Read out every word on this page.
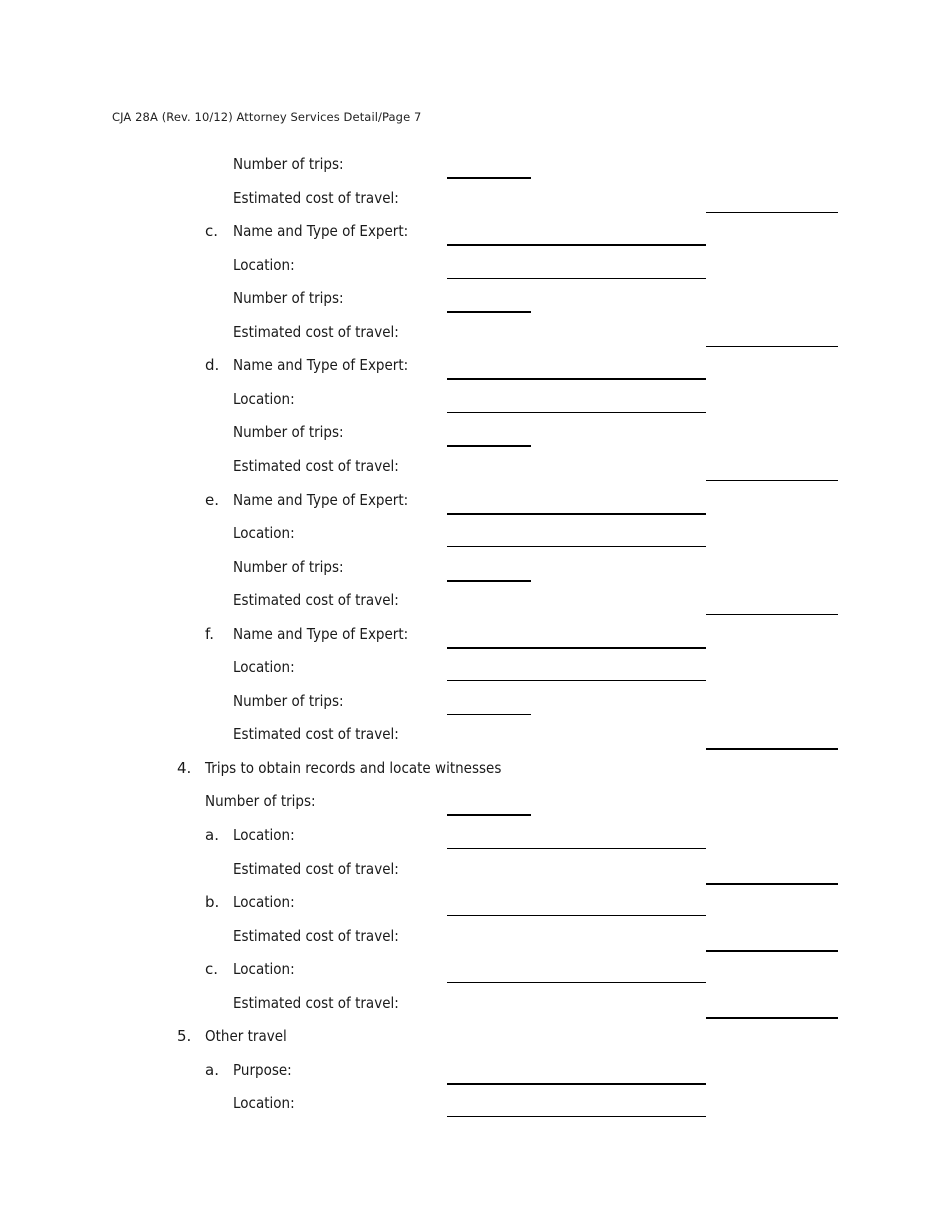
CJA 28A (Rev. 10/12) Attorney Services Detail/Page 7
Number of trips:
Estimated cost of travel:
c. Name and Type of Expert:
Location:
Number of trips:
Estimated cost of travel:
d. Name and Type of Expert:
Location:
Number of trips:
Estimated cost of travel:
e. Name and Type of Expert:
Location:
Number of trips:
Estimated cost of travel:
f. Name and Type of Expert:
Location:
Number of trips:
Estimated cost of travel:
4. Trips to obtain records and locate witnesses
Number of trips:
a. Location:
Estimated cost of travel:
b. Location:
Estimated cost of travel:
c. Location:
Estimated cost of travel:
5. Other travel
a. Purpose:
Location:
